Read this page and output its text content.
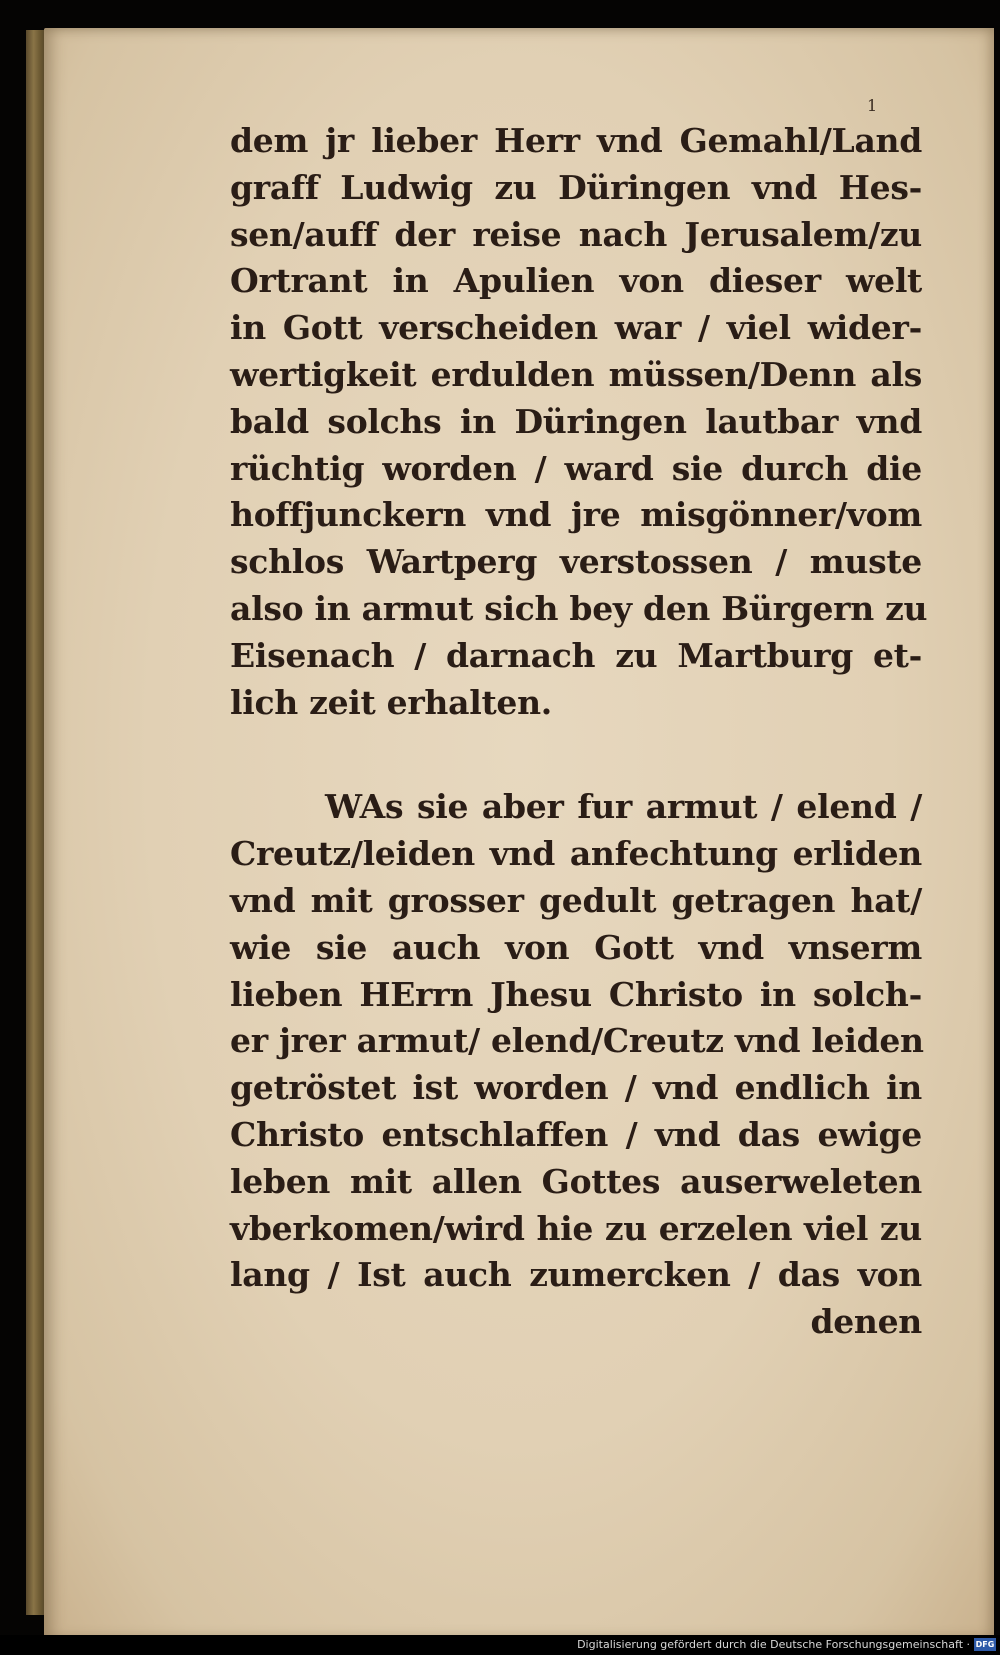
1
dem jr lieber Herr vnd Gemahl/Land
graff Ludwig zu Düringen vnd Hes-
sen/auff der reise nach Jerusalem/zu
Ortrant in Apulien von dieser welt
in Gott verscheiden war / viel wider-
wertigkeit erdulden müssen/Denn als
bald solchs in Düringen lautbar vnd
rüchtig worden / ward sie durch die
hoffjunckern vnd jre misgönner/vom
schlos Wartperg verstossen / muste
also in armut sich bey den Bürgern zu
Eisenach / darnach zu Martburg et-
lich zeit erhalten.
WAs sie aber fur armut / elend /
Creutz/leiden vnd anfechtung erliden
vnd mit grosser gedult getragen hat/
wie sie auch von Gott vnd vnserm
lieben HErrn Jhesu Christo in solch-
er jrer armut/ elend/Creutz vnd leiden
getröstet ist worden / vnd endlich in
Christo entschlaffen / vnd das ewige
leben mit allen Gottes auserweleten
vberkomen/wird hie zu erzelen viel zu
lang / Ist auch zumercken / das von
denen
Digitalisierung gefördert durch die Deutsche Forschungsgemeinschaft · DFG
